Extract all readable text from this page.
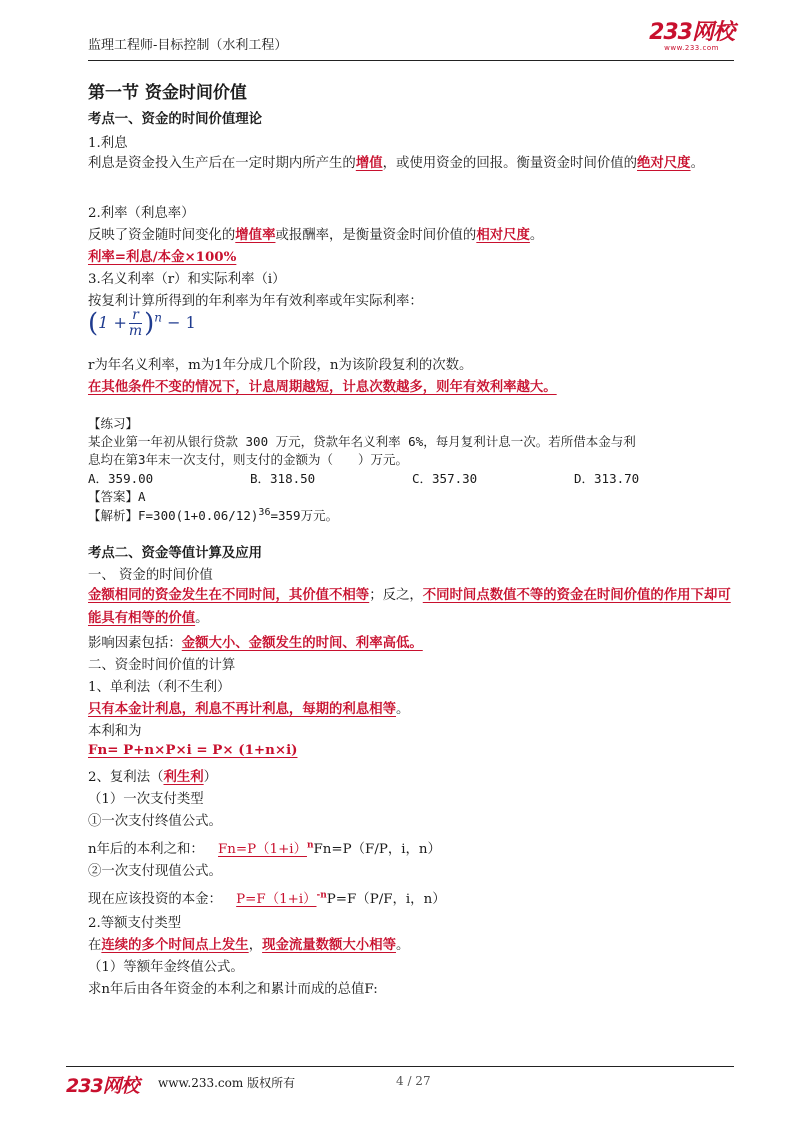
监理工程师-目标控制（水利工程）
233网校
www.233.com
第一节 资金时间价值
考点一、资金的时间价值理论
1.利息
利息是资金投入生产后在一定时期内所产生的增值，或使用资金的回报。衡量资金时间价值的绝对尺度。
2.利率（利息率）
反映了资金随时间变化的增值率或报酬率，是衡量资金时间价值的相对尺度。
利率=利息/本金×100%
3.名义利率（r）和实际利率（i）
按复利计算所得到的年利率为年有效利率或年实际利率：
$(1 + \frac{r}{m} )^n - 1$
r为年名义利率，m为1年分成几个阶段，n为该阶段复利的次数。
在其他条件不变的情况下，计息周期越短，计息次数越多，则年有效利率越大。
【练习】
某企业第一年初从银行贷款 300 万元，贷款年名义利率 6%，每月复利计息一次。若所借本金与利
息均在第3年末一次支付，则支付的金额为（　　）万元。
A．359.00	B．318.50	C．357.30	D．313.70
【答案】A
【解析】$F=300(1+0.06/12)^{36}=359$万元。
考点二、资金等值计算及应用
一、 资金的时间价值
金额相同的资金发生在不同时间，其价值不相等；反之，不同时间点数值不等的资金在时间价值的作用下却可能具有相等的价值。
影响因素包括：金额大小、金额发生的时间、利率高低。
二、资金时间价值的计算
1、单利法（利不生利）
只有本金计利息，利息不再计利息，每期的利息相等。
本利和为
Fn= P+n×P×i = P× (1+n×i)
2、复利法（利生利）
（1）一次支付类型
①一次支付终值公式。
n年后的本利之和： $Fn=P(1+i)^nFn=P(F/P$，i，n）
②一次支付现值公式。
现在应该投资的本金： $P=F(1+i)^{-n}P=F(P/F$，i，n）
2.等额支付类型
在连续的多个时间点上发生，现金流量数额大小相等。
（1）等额年金终值公式。
求n年后由各年资金的本利之和累计而成的总值F:
233网校 www.233.com 版权所有	4 / 27
